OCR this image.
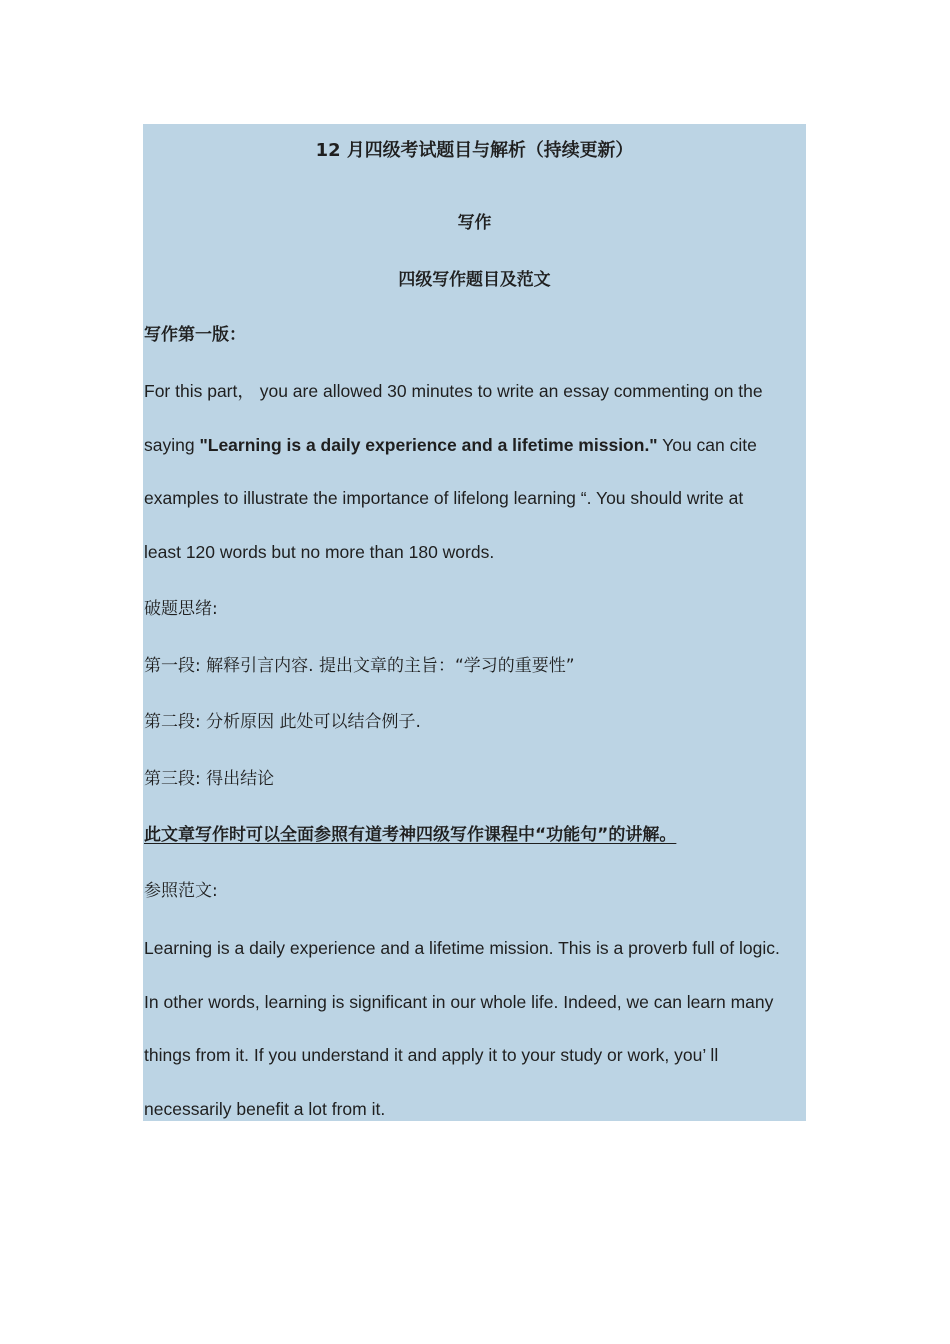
12 月四级考试题目与解析（持续更新）
写作
四级写作题目及范文
写作第一版：
For this part， you are allowed 30 minutes to write an essay commenting on the
saying "Learning is a daily experience and a lifetime mission." You can cite
examples to illustrate the importance of lifelong learning “. You should write at
least 120 words but no more than 180 words.
破题思绪:
第一段: 解释引言内容. 提出文章的主旨：“学习的重要性”
第二段: 分析原因 此处可以结合例子.
第三段: 得出结论
此文章写作时可以全面参照有道考神四级写作课程中“功能句”的讲解。
参照范文:
Learning is a daily experience and a lifetime mission. This is a proverb full of logic.
In other words, learning is significant in our whole life. Indeed, we can learn many
things from it. If you understand it and apply it to your study or work, you’ ll
necessarily benefit a lot from it.
